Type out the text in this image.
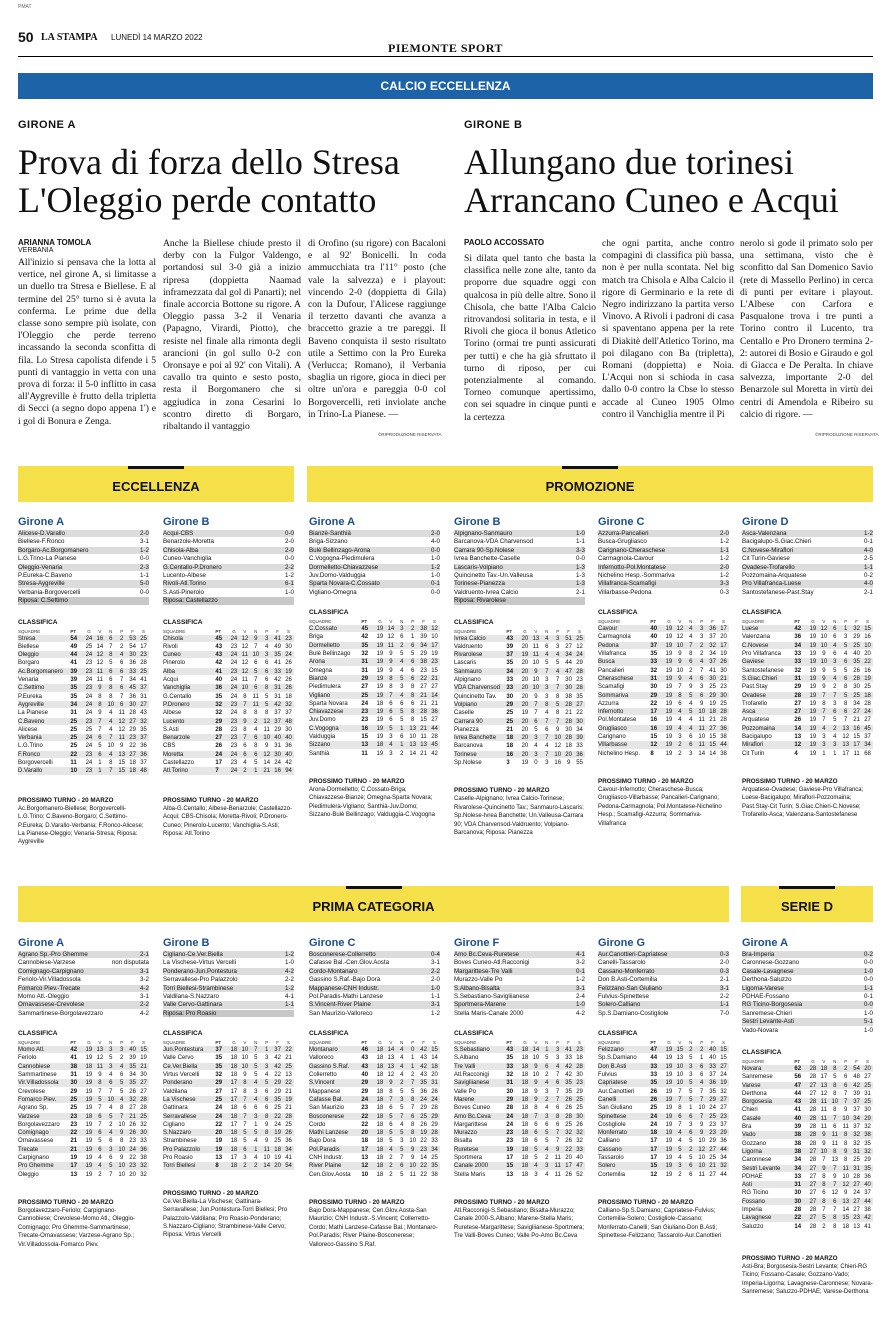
PMAT
50 LA STAMPA LUNEDÌ 14 MARZO 2022
PIEMONTE SPORT
CALCIO ECCELLENZA
GIRONE A
Prova di forza dello Stresa
L'Oleggio perde contatto
ARIANNA TOMOLA
VERBANIA
All'inizio si pensava che la lotta al vertice, nel girone A, si limitasse a un duello tra Stresa e Biellese. E al termine del 25° turno si è avuta la conferma. Le prime due della classe sono sempre più isolate, con l'Oleggio che perde terreno incassando la seconda sconfitta di fila. Lo Stresa capolista difende i 5 punti di vantaggio in vetta con una prova di forza: il 5-0 inflitto in casa all'Aygreville è frutto della tripletta di Secci (a segno dopo appena 1') e i gol di Bonura e Zenga.
Anche la Biellese chiude presto il derby con la Fulgor Valdengo, portandosi sul 3-0 già a inizio ripresa (doppietta Naamad inframezzata dal gol di Panarti); nel finale accorcia Bottone su rigore. A Oleggio passa 3-2 il Venaria (Papagno, Virardi, Piotto), che resiste nel finale alla rimonta degli arancioni (in gol sullo 0-2 con Oronsaye e poi al 92' con Vitali). A cavallo tra quinto e sesto posto, resta il Borgomanero che si aggiudica in zona Cesarini lo scontro diretto di Borgaro, ribaltando il vantaggio
di Orofino (su rigore) con Bacaloni e al 92' Bonicelli. In coda ammucchiata tra l'11° posto (che vale la salvezza) e i playout: vincendo 2-0 (doppietta di Gila) con la Dufour, l'Alicese raggiunge il terzetto davanti che avanza a braccetto grazie a tre pareggi. Il Baveno conquista il sesto risultato utile a Settimo con la Pro Eureka (Verlucca; Romano), il Verbania sbaglia un rigore, gioca in dieci per oltre un'ora e pareggia 0-0 col Borgovercelli, reti inviolate anche in Trino-La Pianese. —
©RIPRODUZIONE RISERVATA
GIRONE B
Allungano due torinesi
Arrancano Cuneo e Acqui
PAOLO ACCOSSATO
Si dilata quel tanto che basta la classifica nelle zone alte, tanto da proporre due squadre oggi con qualcosa in più delle altre. Sono il Chisola, che batte l'Alba Calcio ritrovandosi solitaria in testa, e il Rivoli che gioca il bonus Atletico Torino (ormai tre punti assicurati per tutti) e che ha già sfruttato il turno di riposo, per cui potenzialmente al comando. Torneo comunque apertissimo, con sei squadre in cinque punti e la certezza
che ogni partita, anche contro compagini di classifica più bassa, non è per nulla scontata. Nel big match tra Chisola e Alba Calcio il rigore di Germinario e la rete di Negro indirizzano la partita verso Vinovo. A Rivoli i padroni di casa si spaventano appena per la rete di Diakitè dell'Atletico Torino, ma poi dilagano con Ba (tripletta), Romani (doppietta) e Noia. L'Acqui non si schioda in casa dallo 0-0 contro la Cbse lo stesso accade al Cuneo 1905 Olmo contro il Vanchiglia mentre il Pi
nerolo si gode il primato solo per una settimana, visto che è sconfitto dal San Domenico Savio (rete di Massello Perlino) in cerca di punti per evitare i playout. L'Albese con Carfora e Pasqualone trova i tre punti a Torino contro il Lucento, tra Centallo e Pro Dronero termina 2-2: autorei di Bosio e Giraudo e gol di Giacca e De Peralta. In chiave salvezza, importante 2-0 del Benarzole sul Moretta in virtù dei centri di Amendola e Ribeiro su calcio di rigore. —
©RIPRODUZIONE RISERVATA
ECCELLENZA	PROMOZIONE
PRIMA CATEGORIA	SERIE D
Girone A
Alicese-D.Varallo	2-0
Biellese-F.Ronco	3-1
Borgaro-Ac.Borgomanero	1-2
L.G.Trino-La Pianese	0-0
Oleggio-Venaria	2-3
P.Eureka-C.Baveno	1-1
Stresa-Aygreville	5-0
Verbania-Borgovercelli	0-0
Riposa: C.Settimo
CLASSIFICA
SQUADRE	PT	G	V	N	P	F	S
Stresa	54	24 16 6	2 53 25
Biellese	49	25 14 7	2 54 17
Oleggio	44	24 12 8	4 30 23
Borgaro	41	23 12 5	6 36 28
Ac.Borgomanero	39	23 11	6	6 33 25
Venaria	39	24 11	6	7 34 41
C.Settimo	35	23 9	8	6 45 37
P.Eureka	35	24 8	8	7 36 31
Aygreville	34	24 8 10 6 30 27
La Pianese	31	24 9	4	11 28 43
C.Baveno	25	23 7	4 12 27 32
Alicese	25	25 7	4 12 29 35
Verbania	25	24 6	7	11 23 37
L.G.Trino	25	24 5 10 9 22 36
F.Ronco	22	23 6	4 13 27 36
Borgovercelli	11	24 1	8 15 18 37
D.Varallo	10	23 1	7 15 18 48
PROSSIMO TURNO - 20 MARZO
Ac.Borgomanero-Biellese; Borgovercelli-L.G.Trino; C.Baveno-Borgaro; C.Settimo-P.Eureka; D.Varallo-Verbania; F.Ronco-Alicese; La Pianese-Oleggio; Venaria-Stresa; Riposa: Aygreville
Girone B
Acqui-CBS	0-0
Benarzole-Moretta	2-0
Chisola-Alba	2-0
Cuneo-Vanchiglia	0-0
G.Centallo-P.Dronero	2-2
Lucento-Albese	1-2
Rivoli-Atl.Torino	6-1
S.Asti-Pinerolo	1-0
Riposa: Castellazzo
CLASSIFICA
SQUADRE	PT	G	V	N	P	F	S
Chisola	45	24 12 9	3 41 23
Rivoli	43	23 12 7	4 49 30
Cuneo	43	24 11 10 3 35 24
Pinerolo	42	24 12 6	6 41 26
Alba	41	23 12 5	6 33 19
Acqui	40	24 11	7	6 42 26
Vanchiglia	36	24 10 6	8 31 26
G.Centallo	35	24 8	11	5 31 18
P.Dronero	32	23 7	11	5 42 32
Albese	32	24 8	8	8 37 37
Lucento	29	23 9	2 12 37 48
S.Asti	28	23 8	4	11 29 30
Benarzole	27	23 7	6 10 40 40
CBS	26	23 6	8	9 31 36
Moretta	24	24 6	6 12 30 40
Castellazzo	17	23 4	5 14 24 42
Atl.Torino	7	24 2	1 21 16 94
PROSSIMO TURNO - 20 MARZO
Alba-G.Centallo; Albese-Benarzole; Castellazzo-Acqui; CBS-Chisola; Moretta-Rivoli; P.Dronero-Cuneo; Pinerolo-Lucento; Vanchiglia-S.Asti; Riposa: Atl.Torino
Girone A
Bianzè-Santhià	2-0
Briga-Sizzano	4-0
Bulè Bellinzago-Arona	0-0
C.Vogogna-Piedimulera	1-0
Dormelletto-Chiavazzese	1-2
Juv.Domo-Valduggia	1-0
Sparta Novara-C.Cossato	0-1
Vigliano-Omegna	0-0
CLASSIFICA
SQUADRE	PT	G	V	N	P	F	S
C.Cossato	45	19 14 3	2 38 12
Briga	42	19 12 6	1 39 10
Dormelletto	35	19 11	2	6 34 17
Bulè Bellinzago	32	19 9	5	5 29 19
Arona	31	19 9	4	6 38 23
Omegna	31	19 9	4	6 23 15
Bianzè	29	19 8	5	6 22 21
Piedimulera	27	19 8	3	8 27 27
Vigliano	25	19 7	4	8 21 14
Sparta Novara	24	18 6	6	6 21 21
Chiavazzese	23	19 6	5	8 28 36
Juv.Domo	23	19 6	5	8 15 27
C.Vogogna	16	19 5	1 13 21 44
Valduggia	15	19 3	6 10 11 28
Sizzano	13	18 4	1 13 13 45
Santhià	11	19 3	2 14 21 42
PROSSIMO TURNO - 20 MARZO
Arona-Dormelletto; C.Cossato-Briga; Chiavazzese-Bianzè; Omegna-Sparta Novara; Piedimulera-Vigliano; Santhià-Juv.Domo; Sizzano-Bulè Bellinzago; Valduggia-C.Vogogna
Girone B
Alpignano-Sanmauro	1-0
Barcanova-VDA Charvensod	1-1
Carrara 90-Sp.Nolese	3-3
Ivrea Banchette-Caselle	0-0
Lascaris-Volpiano	1-3
Quincinetto Tav.-Un.Valleusa	1-3
Torinese-Pianezza	1-3
Valdruento-Ivrea Calcio	2-1
Riposa: Rivarolese
CLASSIFICA
SQUADRE	PT	G	V	N	P	F	S
Ivrea Calcio	43	20 13 4	3 51 25
Valdruento	39	20 11	6	3 27 12
Rivarolese	37	19 11	4	4 34 24
Lascaris	35	20 10 5	5 44 29
Sanmauro	34	20 9	7	4 47 28
Alpignano	33	20 10 3	7 30 23
VDA Charvensod	33	20 10 3	7 30 28
Quincinetto Tav.	30	20 9	3	8 38 35
Volpiano	29	20 7	8	5 28 27
Caselle	25	19 7	4	8 21 22
Carrara 90	25	20 6	7	7 28 30
Pianezza	21	20 5	6	9 30 34
Ivrea Banchette	18	20 3	7 10 28 39
Barcanova	18	20 4	4 12 18 33
Torinese	16	20 3	7 10 20 36
Sp.Nolese	3	19 0	3 16 9 55
PROSSIMO TURNO - 20 MARZO
Caselle-Alpignano; Ivrea Calcio-Torinese; Rivarolese-Quincinetto Tav.; Sanmauro-Lascaris; Sp.Nolese-Ivrea Banchette; Un.Valleusa-Carrara 90; VDA Charvensod-Valdruento; Volpiano-Barcanova; Riposa: Pianezza
Girone C
Azzurra-Pancalieri	2-0
Busca-Grugliasco	1-2
Carignano-Cheraschese	1-1
Carmagnola-Cavour	1-2
Infernotto-Pol.Montatese	2-0
Nichelino Hesp.-Sommariva	1-2
Villafranca-Scamafigi	3-3
Villarbasse-Pedona	0-3
CLASSIFICA
SQUADRE	PT	G	V	N	P	F	S
Cavour	40	19 12 4	3 36 17
Carmagnola	40	19 12 4	3 37 20
Pedona	37	19 10 7	2 32 17
Villafranca	35	19 9	8	2 34 19
Busca	33	19 9	6	4 37 26
Pancalieri	32	19 10 2	7 41 30
Cheraschese	31	19 9	4	6 30 21
Scamafigi	30	19 7	9	3 25 23
Sommariva	29	19 8	5	6 29 30
Azzurra	22	19 6	4	9 19 25
Infernotto	17	19 4	5 10 18 28
Pol.Montatese	16	19 4	4	11 21 28
Grugliasco	16	19 4	4	11 27 36
Carignano	15	19 3	6 10 15 38
Villarbasse	12	19 2	6	11 15 44
Nichelino Hesp.	8	19 2	3 14 14 38
PROSSIMO TURNO - 20 MARZO
Cavour-Infernotto; Cheraschese-Busca; Grugliasco-Villarbasse; Pancalieri-Carignano; Pedona-Carmagnola; Pol.Montatese-Nichelino Hesp.; Scamafigi-Azzurra; Sommariva-Villafranca
Girone D
Asca-Valenzana	1-2
Bacigalupo-S.Giac.Chieri	0-1
C.Novese-Miraflori	4-0
Cit Turin-Gaviese	2-5
Ovadese-Trofarello	1-1
Pozzomaina-Arquatese	0-2
Pro Villafranca-Luese	4-0
Santostefanese-Past.Stay	2-1
CLASSIFICA
SQUADRE	PT	G	V	N	P	F	S
Luese	42	19 12 6	1 32 15
Valenzana	36	19 10 6	3 29 16
C.Novese	34	19 10 4	5 25 10
Pro Villafranca	33	19 9	6	4 40 20
Gaviese	33	19 10 3	6 35 22
Santostefanese	32	19 9	5	5 26 16
S.Giac.Chieri	31	19 9	4	6 28 19
Past.Stay	29	19 9	2	8 30 25
Ovadese	28	19 7	7	5 25 18
Trofarello	27	19 8	3	8 34 28
Asca	27	19 7	6	6 27 24
Arquatese	26	19 7	5	7 21 27
Pozzomaina	14	19 4	2 13 16 45
Bacigalupo	13	19 3	4 12 15 37
Miraflori	12	19 3	3 13 17 34
Cit Turin	4	19 1	1 17 11 68
PROSSIMO TURNO - 20 MARZO
Arquatese-Ovadese; Gaviese-Pro Villafranca; Luese-Bacigalupo; Miraflori-Pozzomaina; Past.Stay-Cit Turin; S.Giac.Chieri-C.Novese; Trofarello-Asca; Valenzana-Santostefanese
Girone A
Agrano Sp.-Pro Ghemme	2-1
Cannobiese-Varzese	non disputata
Comignago-Carpignano	3-1
Feriolo-Vir.Villadossola	3-2
Fomarco Piev.-Trecate	4-2
Momo Atl.-Oleggio	3-1
Ornavassese-Crevolese	2-2
Sammartinese-Borgolavezzaro	4-2
CLASSIFICA
SQUADRE	PT	G	V	N	P	F	S
Momo Atl.	42	19 13 3	3 40 15
Feriolo	41	19 12 5	2 39 19
Cannobiese	38	18 11	3	4 35 21
Sammartinese	31	19 9	4	6 34 30
Vir.Villadossola	30	19 8	6	5 35 27
Crevolese	29	19 7	7	5 26 27
Fomarco Piev.	25	19 5 10 4 32 28
Agrano Sp.	25	19 7	4	8 27 28
Varzese	23	18 6	5	7 21 25
Borgolavezzaro	23	19 7	2 10 26 32
Comignago	22	19 6	4	9 26 30
Ornavassese	21	19 5	6	8 23 33
Trecate	21	19 6	3 10 24 36
Carpignano	19	19 4	6	9 22 38
Pro Ghemme	17	19 4	5 10 23 32
Oleggio	13	19 2	7 10 20 32
PROSSIMO TURNO - 20 MARZO
Borgolavezzaro-Feriolo; Carpignano-Cannobiese; Crevolese-Momo Atl.; Oleggio-Comignago; Pro Ghemme-Sammartinese; Trecate-Ornavassese; Varzese-Agrano Sp.; Vir.Villadossola-Fomarco Piev.
Girone B
Cigliano-Ce.Ver.Biella	1-2
La Vischese-Virtus Vercelli	1-0
Ponderano-Jun.Pontestura	4-2
Serravallese-Pro Palazzolo	2-2
Torri Biellesi-Strambinese	1-2
Valdilana-S.Nazzaro	4-1
Valle Cervo-Gattinara	1-1
Riposa: Pro Roasio
CLASSIFICA
SQUADRE	PT	G	V	N	P	F	S
Jun.Pontestura	37	18 10 7	1 37 22
Valle Cervo	35	18 10 5	3 42 21
Ce.Ver.Biella	35	18 10 5	3 42 25
Virtus Vercelli	32	18 9	5	4 22 13
Ponderano	29	17 8	4	5 29 22
Valdilana	27	17 8	3	6 29 21
La Vischese	25	17 7	4	6 35 19
Gattinara	24	18 6	6	6 25 21
Serravallese	24	18 7	3	8 22 28
Cigliano	22	17 7	1	9 24 25
S.Nazzaro	20	18 5	5	8 19 26
Strambinese	19	18 5	4	9 25 36
Pro Palazzolo	19	18 6	1	11 18 34
Pro Roasio	13	17 3	4 10 19 41
Torri Biellesi	8	18 2	2 14 20 54
PROSSIMO TURNO - 20 MARZO
Ce.Ver.Biella-La Vischese; Gattinara-Serravallese; Jun.Pontestura-Torri Biellesi; Pro Palazzolo-Valdilana; Pro Roasio-Ponderano; S.Nazzaro-Cigliano; Strambinese-Valle Cervo; Riposa: Virtus Vercelli
Girone C
Bosconerese-Collerretto	0-4
Cafasse Bal.-Cen.Glov.Aosta	3-1
Cordo-Montanaro	2-2
Gassino S.Raf.-Bajo Dora	2-0
Mappanese-CNH Industr.	1-0
Pol.Paradis-Mathi Lanzese	1-1
S.Vincent-River Plaine	3-1
San Maurizio-Valloreco	1-2
CLASSIFICA
SQUADRE	PT	G	V	N	P	F	S
Montanaro	46	18 14 4	0 42 15
Valloreco	43	18 13 4	1 43 14
Gassino S.Raf.	43	18 13 4	1 42 18
Collerretto	40	18 12 4	2 43 20
S.Vincent	29	18 9	2	7 35 31
Mappanese	29	18 8	5	5 36 26
Cafasse Bal.	24	18 7	3	8 24 24
San Maurizio	23	18 6	5	7 29 28
Bosconerese	22	18 5	7	6 25 29
Cordo	22	18 6	4	8 26 29
Mathi Lanzese	20	18 5	5	8 19 28
Bajo Dora	18	18 5	3 10 22 33
Pol.Paradis	17	18 4	5	9 23 34
CNH Industr.	13	18 2	7	9 14 25
River Plaine	12	18 2	6 10 22 35
Cen.Glov.Aosta	10	18 2	5	11 22 38
PROSSIMO TURNO - 20 MARZO
Bajo Dora-Mappanese; Cen.Glov.Aosta-San Maurizio; CNH Industr.-S.Vincent; Collerretto-Cordo; Mathi Lanzese-Cafasse Bal.; Montanaro-Pol.Paradis; River Plaine-Bosconerese; Valloreco-Gassino S.Raf.
Girone F
Amo Bc.Ceva-Ruretese	4-1
Boves Cuneo-Atl.Racconigi	3-2
Margarittese-Tre Valli	0-1
Murazzo-Valle Po	1-2
S.Albano-Bisalta	3-1
S.Sebastiano-Savigliianese	2-4
Sportmera-Marene	1-0
Stella Maris-Canale 2000	4-2
CLASSIFICA
SQUADRE	PT	G	V	N	P	F	S
S.Sebastiano	43	18 14 1	3 41 23
S.Albano	35	18 10 5	3 33 18
Tre Valli	33	18 9	6	4 42 28
Atl.Racconigi	32	18 10 2	7 42 30
Savigliianese	31	18 9	4	6 35 23
Valle Po	30	18 9	3	7 35 29
Marene	29	18 9	2	7 26 25
Boves Cuneo	28	18 8	4	6 26 25
Amo Bc.Ceva	24	18 7	3	8 28 30
Margarittese	24	18 6	6	6 25 26
Murazzo	23	18 6	5	7 32 32
Bisalta	23	18 6	5	7 26 32
Ruretese	19	18 5	4	9 22 33
Sportmera	17	18 5	2	11 20 40
Canale 2000	15	18 4	3	11 17 47
Stella Maris	13	18 3	4	11 26 52
PROSSIMO TURNO - 20 MARZO
Atl.Racconigi-S.Sebastiano; Bisalta-Murazzo; Canale 2000-S.Albano; Marene-Stella Maris; Ruretese-Margarittese; Savigliianese-Sportmera; Tre Valli-Boves Cuneo; Valle Po-Amo Bc.Ceva
Girone G
Aur.Canottieri-Capriatese	0-3
Canelli-Tassarolo	2-0
Cassano-Monferrato	0-3
Don B.Asti-Cortemilia	2-1
Felizzano-San Giuliano	3-1
Fulvius-Spinettese	2-2
Solero-Calliano	1-1
Sp.S.Damiano-Costigliole	7-0
CLASSIFICA
SQUADRE	PT	G	V	N	P	F	S
Felizzano	47	19 15 2	2 40 15
Sp.S.Damiano	44	19 13 5	1 40 15
Don B.Asti	33	19 10 3	6 33 27
Fulvius	33	19 10 3	6 37 24
Capriatese	35	19 10 5	4 36 19
Aur.Canottieri	26	19 7	5	7 35 32
Canelli	26	19 7	5	7 29 27
San Giuliano	25	19 8	1 10 24 27
Spinettese	24	19 6	6	7 25 23
Costigliole	24	19 7	3	9 23 37
Monferrato	18	19 4	6	9 23 29
Calliano	17	19 4	5 10 29 36
Cassano	17	19 5	2 12 27 44
Tassarolo	17	19 4	5 10 25 34
Solero	15	19 3	6 10 21 32
Cortemilia	12	19 2	6	11 27 44
PROSSIMO TURNO - 20 MARZO
Calliano-Sp.S.Damiano; Capriatese-Fulvius; Cortemilia-Solero; Costigliole-Cassano; Monferrato-Canelli; San Giuliano-Don B.Asti; Spinettese-Felizzano; Tassarolo-Aur.Canottieri
Girone A
Bra-Imperia	0-2
Caronnese-Gozzano	0-0
Casale-Lavagnese	1-0
Derthona-Saluzzo	0-0
Ligorna-Varese	1-1
PDHAE-Fossano	0-1
RG Ticino-Borgosesia	0-0
Sanremese-Chieri	1-0
Sestri Levante-Asti	5-1
Vado-Novara	1-0
CLASSIFICA
SQUADRE	PT	G	V	N	P	F	S
Novara	62	28 18 8	2 54 20
Sanremese	56	28 17 5	6 48 27
Varese	47	27 13 8	6 42 25
Derthona	44	27 12 8	7 39 31
Borgosesia	43	28 11 10 7 37 25
Chieri	41	28 11	8	9 37 30
Casale	40	28 11	7 10 34 29
Bra	39	28 11	6	11 37 32
Vado	38	28 9	11	8 32 38
Gozzano	38	28 9	11	8 32 35
Ligorna	38	27 10 8	9 31 32
Caronnese	34	28 7 13 8 25 29
Sestri Levante	34	27 9	7	11 31 35
PDHAE	33	27 8	9 10 28 36
Asti	31	27 8	7 12 27 40
RG Ticino	30	27 6 12 9 24 37
Fossano	30	27 8	6 13 27 44
Imperia	28	28 7	7 14 27 38
Lavagnese	22	27 5	8 15 23 42
Saluzzo	14	28 2	8 18 13 41
PROSSIMO TURNO - 20 MARZO
Asti-Bra; Borgosesia-Sestri Levante; Chieri-RG Ticino; Fossano-Casale; Gozzano-Vado; Imperia-Ligorna; Lavagnese-Caronnese; Novara-Sanremese; Saluzzo-PDHAE; Varese-Derthona
